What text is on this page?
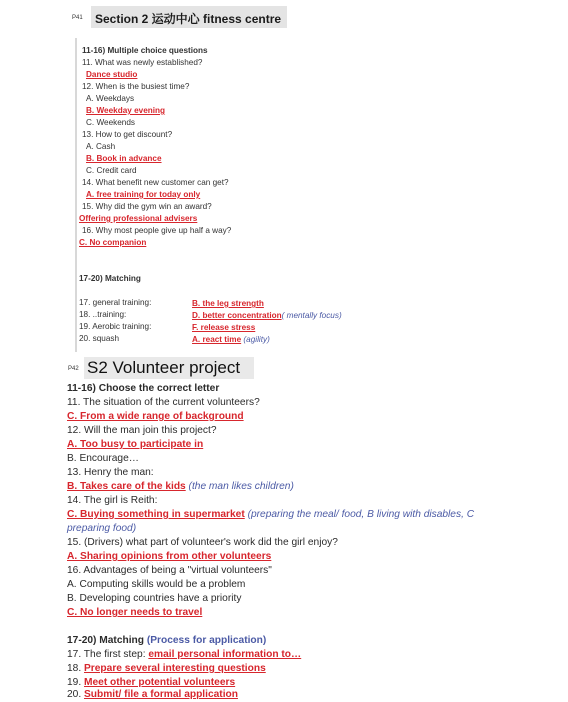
P41 Section 2 运动中心 fitness centre
11-16) Multiple choice questions
11. What was newly established?
Dance studio
12. When is the busiest time?
A. Weekdays
B. Weekday evening
C. Weekends
13. How to get discount?
A. Cash
B. Book in advance
C. Credit card
14. What benefit new customer can get?
A. free training for today only
15. Why did the gym win an award?
Offering professional advisers
16. Why most people give up half a way?
C. No companion
17-20) Matching
17. general training:
18. ..training:
19. Aerobic training:
20. squash
B. the leg strength
D. better concentration( mentally focus)
F. release stress
A. react time (agility)
P42 S2 Volunteer project
11-16) Choose the correct letter
11. The situation of the current volunteers?
C. From a wide range of background
12. Will the man join this project?
A. Too busy to participate in
B. Encourage…
13. Henry the man:
B. Takes care of the kids (the man likes children)
14. The girl is Reith:
C. Buying something in supermarket (preparing the meal/ food, B living with disables, C preparing food)
15. (Drivers) what part of volunteer's work did the girl enjoy?
A. Sharing opinions from other volunteers
16. Advantages of being a "virtual volunteers"
A. Computing skills would be a problem
B. Developing countries have a priority
C. No longer needs to travel
17-20) Matching (Process for application)
17. The first step: email personal information to…
18. Prepare several interesting questions
19. Meet other potential volunteers
20. Submit/ file a formal application
